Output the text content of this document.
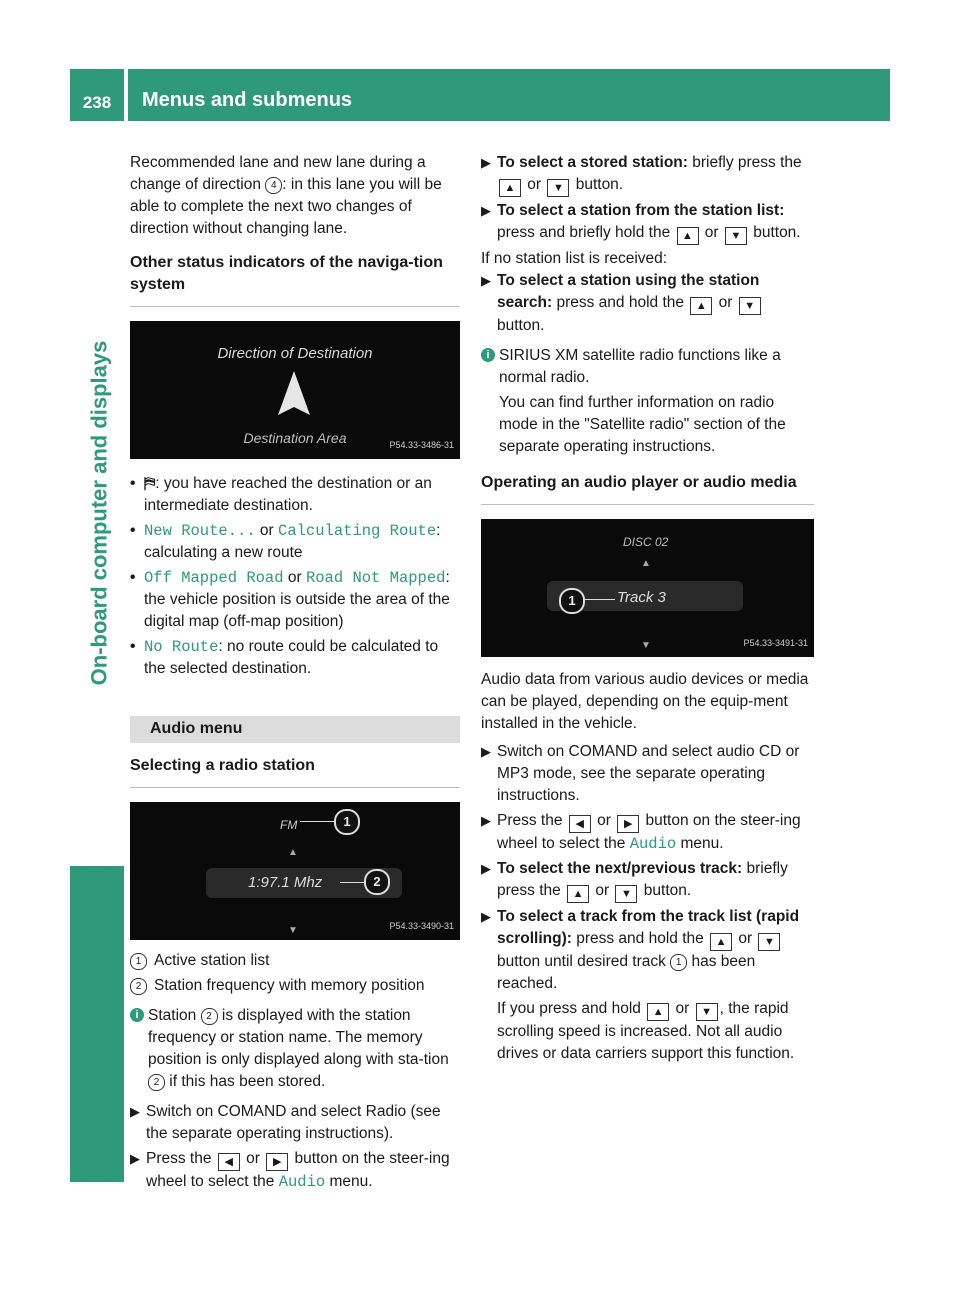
238	Menus and submenus
On-board computer and displays

Recommended lane and new lane during a change of direction 4 : in this lane you will be able to complete the next two changes of direction without changing lane.

Other status indicators of the naviga-tion system

Direction of Destination
Destination Area	P54.33-3486-31
• ⛿: you have reached the destination or an intermediate destination.
• New Route... or Calculating Route: calculating a new route
• Off Mapped Road or Road Not Mapped: the vehicle position is outside the area of the digital map (off-map position)
• No Route: no route could be calculated to the selected destination.
Audio menu

Selecting a radio station

FM	1
▲
1:97.1 Mhz	2
▼	P54.33-3490-31
1 Active station list
2 Station frequency with memory position
i Station 2 is displayed with the station frequency or station name. The memory position is only displayed along with sta-tion 2 if this has been stored.
▶ Switch on COMAND and select Radio (see the separate operating instructions).
▶ Press the ◀ or ▶ button on the steer-ing wheel to select the Audio menu.
▶ To select a stored station: briefly press the ▲ or ▼ button.
▶ To select a station from the station list: press and briefly hold the ▲ or ▼ button.

If no station list is received:

▶ To select a station using the station search: press and hold the ▲ or ▼ button.
i SIRIUS XM satellite radio functions like a normal radio.

You can find further information on radio mode in the "Satellite radio" section of the separate operating instructions.

Operating an audio player or audio media

DISC 02
▲
1	Track 3
▼	P54.33-3491-31

Audio data from various audio devices or media can be played, depending on the equip-ment installed in the vehicle.

▶ Switch on COMAND and select audio CD or MP3 mode, see the separate operating instructions.
▶ Press the ◀ or ▶ button on the steer-ing wheel to select the Audio menu.
▶ To select the next/previous track: briefly press the ▲ or ▼ button.
▶ To select a track from the track list (rapid scrolling): press and hold the ▲ or ▼ button until desired track 1 has been reached.

If you press and hold ▲ or ▼ , the rapid scrolling speed is increased. Not all audio drives or data carriers support this function.
